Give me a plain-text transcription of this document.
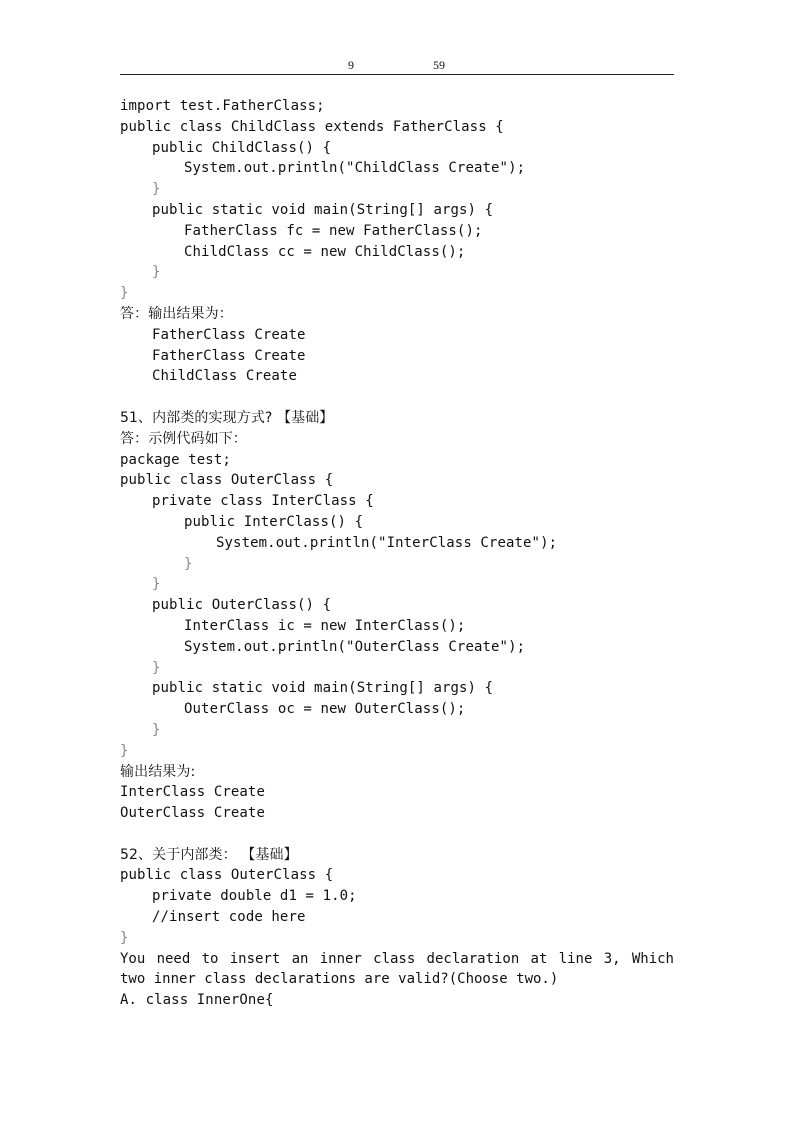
9	59
import test.FatherClass;
public class ChildClass extends FatherClass {
public ChildClass() {
System.out.println("ChildClass Create");
}
public static void main(String[] args) {
FatherClass fc = new FatherClass();
ChildClass cc = new ChildClass();
}
}
答：输出结果为：
FatherClass Create
FatherClass Create
ChildClass Create
51、内部类的实现方式? 【基础】
答：示例代码如下：
package test;
public class OuterClass {
private class InterClass {
public InterClass() {
System.out.println("InterClass Create");
}
}
public OuterClass() {
InterClass ic = new InterClass();
System.out.println("OuterClass Create");
}
public static void main(String[] args) {
OuterClass oc = new OuterClass();
}
}
输出结果为:
InterClass Create
OuterClass Create
52、关于内部类： 【基础】
public class OuterClass {
private double d1 = 1.0;
//insert code here
}
You need to insert an inner class declaration at line 3, Which two inner class declarations are valid?(Choose two.)
A. class InnerOne{
